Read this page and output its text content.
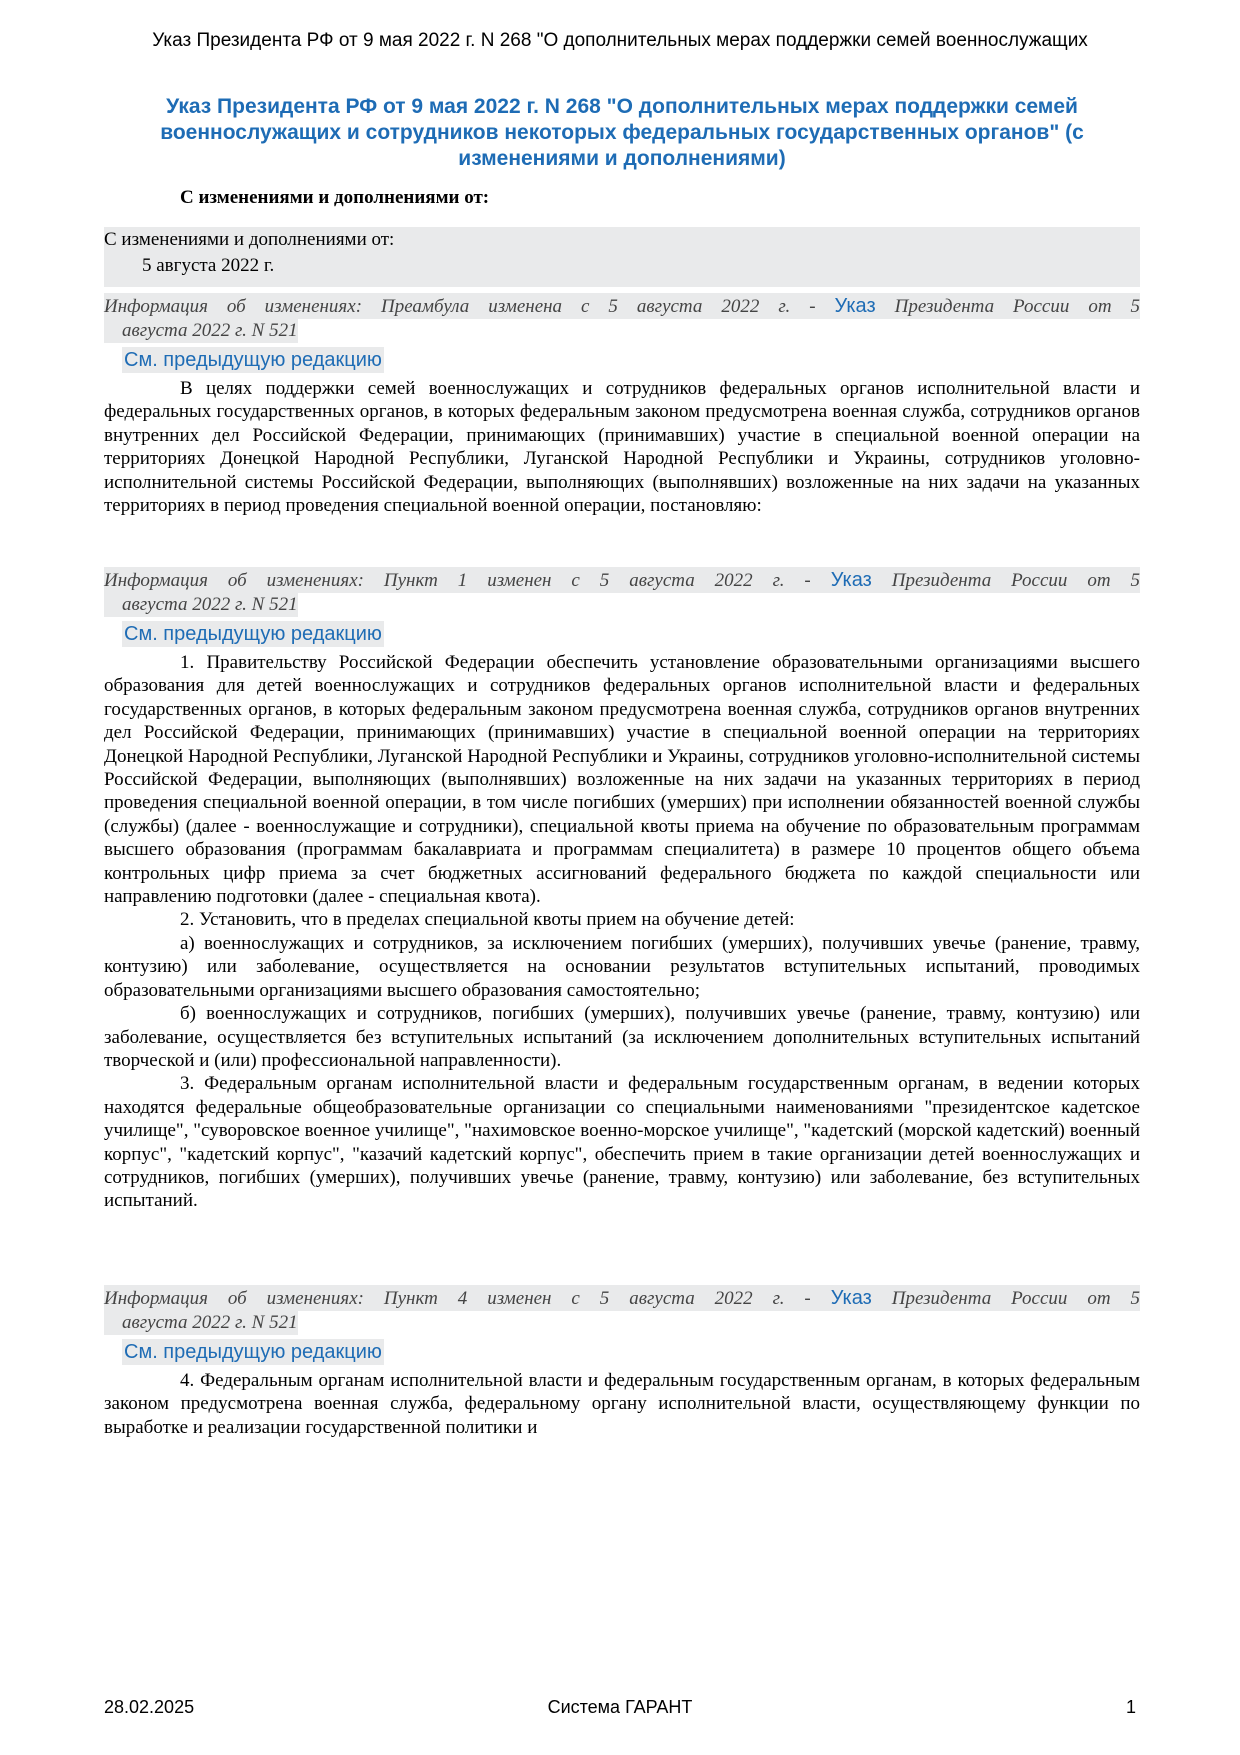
Указ Президента РФ от 9 мая 2022 г. N 268 "О дополнительных мерах поддержки семей военнослужащих
Указ Президента РФ от 9 мая 2022 г. N 268 "О дополнительных мерах поддержки семей военнослужащих и сотрудников некоторых федеральных государственных органов" (с изменениями и дополнениями)
С изменениями и дополнениями от:
С изменениями и дополнениями от:
5 августа 2022 г.
Информация об изменениях: Преамбула изменена с 5 августа 2022 г. - Указ Президента России от 5
августа 2022 г. N 521
См. предыдущую редакцию

В целях поддержки семей военнослужащих и сотрудников федеральных органов исполнительной власти и федеральных государственных органов, в которых федеральным законом предусмотрена военная служба, сотрудников органов внутренних дел Российской Федерации, принимающих (принимавших) участие в специальной военной операции на территориях Донецкой Народной Республики, Луганской Народной Республики и Украины, сотрудников уголовно-исполнительной системы Российской Федерации, выполняющих (выполнявших) возложенные на них задачи на указанных территориях в период проведения специальной военной операции, постановляю:

Информация об изменениях: Пункт 1 изменен с 5 августа 2022 г. - Указ Президента России от 5
августа 2022 г. N 521
См. предыдущую редакцию

1. Правительству Российской Федерации обеспечить установление образовательными организациями высшего образования для детей военнослужащих и сотрудников федеральных органов исполнительной власти и федеральных государственных органов, в которых федеральным законом предусмотрена военная служба, сотрудников органов внутренних дел Российской Федерации, принимающих (принимавших) участие в специальной военной операции на территориях Донецкой Народной Республики, Луганской Народной Республики и Украины, сотрудников уголовно-исполнительной системы Российской Федерации, выполняющих (выполнявших) возложенные на них задачи на указанных территориях в период проведения специальной военной операции, в том числе погибших (умерших) при исполнении обязанностей военной службы (службы) (далее - военнослужащие и сотрудники), специальной квоты приема на обучение по образовательным программам высшего образования (программам бакалавриата и программам специалитета) в размере 10 процентов общего объема контрольных цифр приема за счет бюджетных ассигнований федерального бюджета по каждой специальности или направлению подготовки (далее - специальная квота).

2. Установить, что в пределах специальной квоты прием на обучение детей:

а) военнослужащих и сотрудников, за исключением погибших (умерших), получивших увечье (ранение, травму, контузию) или заболевание, осуществляется на основании результатов вступительных испытаний, проводимых образовательными организациями высшего образования самостоятельно;

б) военнослужащих и сотрудников, погибших (умерших), получивших увечье (ранение, травму, контузию) или заболевание, осуществляется без вступительных испытаний (за исключением дополнительных вступительных испытаний творческой и (или) профессиональной направленности).

3. Федеральным органам исполнительной власти и федеральным государственным органам, в ведении которых находятся федеральные общеобразовательные организации со специальными наименованиями "президентское кадетское училище", "суворовское военное училище", "нахимовское военно-морское училище", "кадетский (морской кадетский) военный корпус", "кадетский корпус", "казачий кадетский корпус", обеспечить прием в такие организации детей военнослужащих и сотрудников, погибших (умерших), получивших увечье (ранение, травму, контузию) или заболевание, без вступительных испытаний.

Информация об изменениях: Пункт 4 изменен с 5 августа 2022 г. - Указ Президента России от 5
августа 2022 г. N 521
См. предыдущую редакцию

4. Федеральным органам исполнительной власти и федеральным государственным органам, в которых федеральным законом предусмотрена военная служба, федеральному органу исполнительной власти, осуществляющему функции по выработке и реализации государственной политики и

28.02.2025	Система ГАРАНТ	1
